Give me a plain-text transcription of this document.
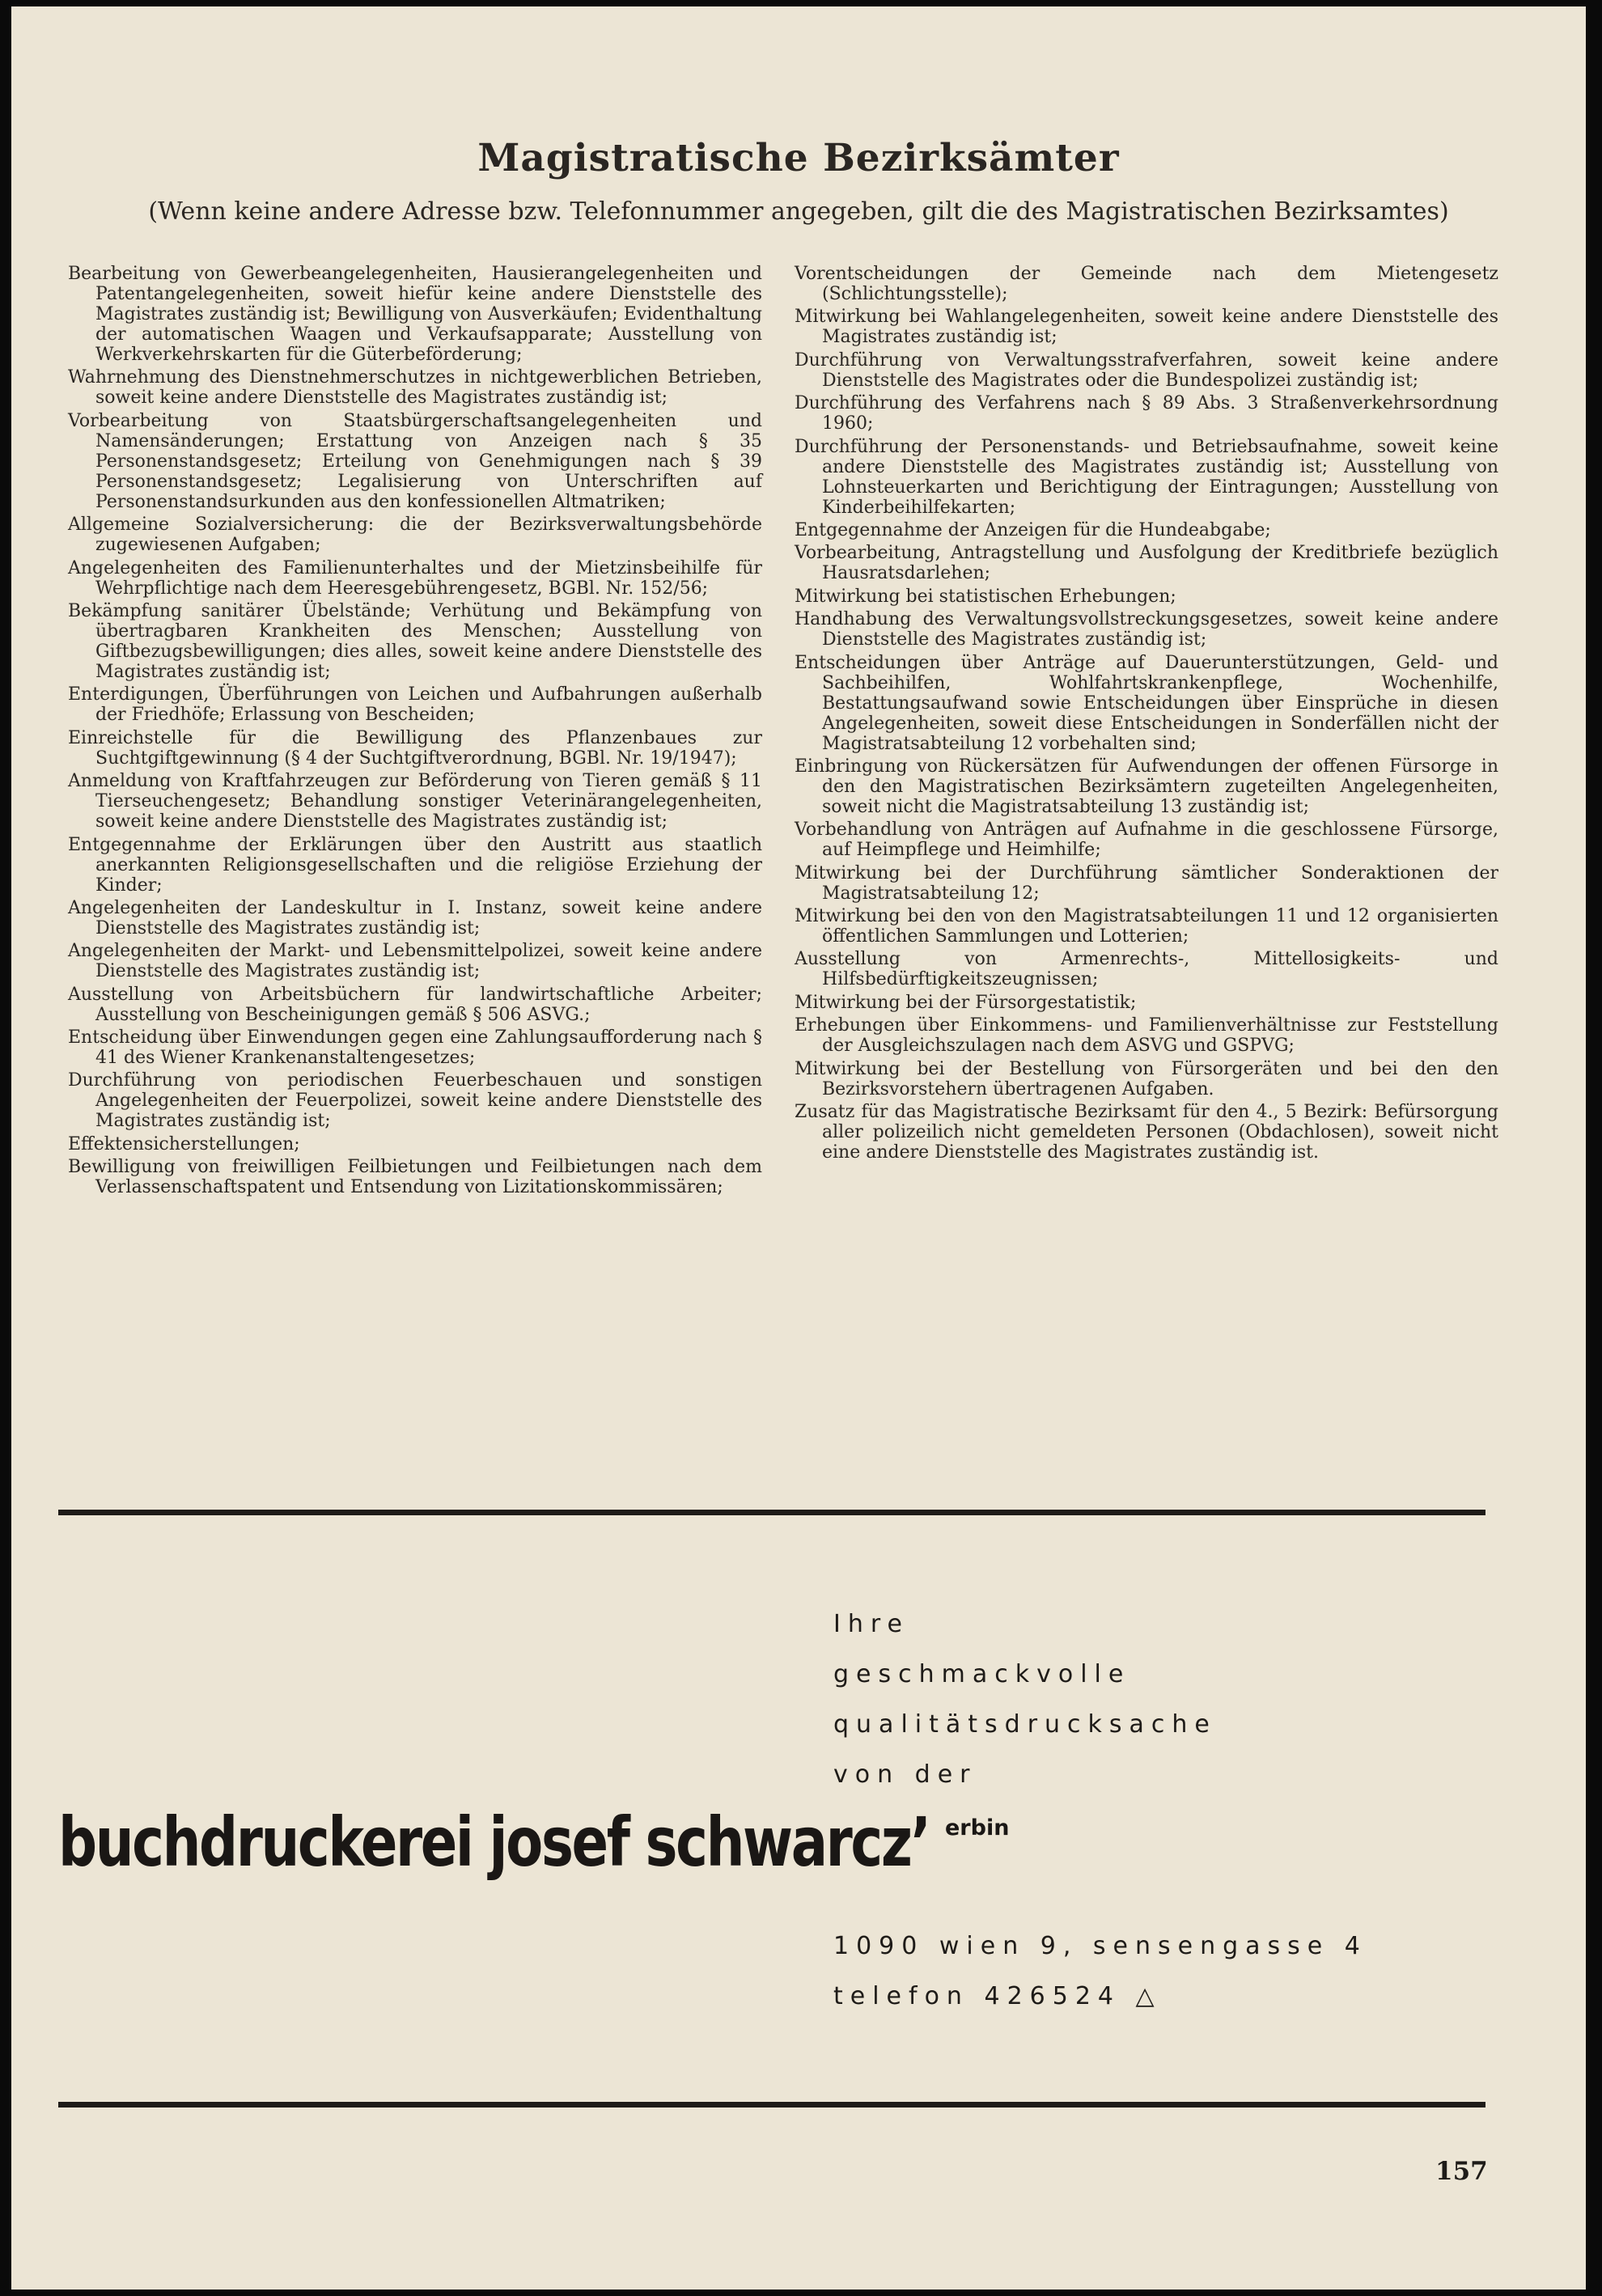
Magistratische Bezirksämter
(Wenn keine andere Adresse bzw. Telefonnummer angegeben, gilt die des Magistratischen Bezirksamtes)

Bearbeitung von Gewerbeangelegenheiten, Hausierangelegenheiten und Patentangelegenheiten, soweit hiefür keine andere Dienststelle des Magistrates zuständig ist; Bewilligung von Ausverkäufen; Evidenthaltung der automatischen Waagen und Verkaufsapparate; Ausstellung von Werkverkehrskarten für die Güterbeförderung;

Wahrnehmung des Dienstnehmerschutzes in nichtgewerblichen Betrieben, soweit keine andere Dienststelle des Magistrates zuständig ist;

Vorbearbeitung von Staatsbürgerschaftsangelegenheiten und Namensänderungen; Erstattung von Anzeigen nach § 35 Personenstandsgesetz; Erteilung von Genehmigungen nach § 39 Personenstandsgesetz; Legalisierung von Unterschriften auf Personenstandsurkunden aus den konfessionellen Altmatriken;

Allgemeine Sozialversicherung: die der Bezirksverwaltungsbehörde zugewiesenen Aufgaben;

Angelegenheiten des Familienunterhaltes und der Mietzinsbeihilfe für Wehrpflichtige nach dem Heeresgebührengesetz, BGBl. Nr. 152/56;

Bekämpfung sanitärer Übelstände; Verhütung und Bekämpfung von übertragbaren Krankheiten des Menschen; Ausstellung von Giftbezugsbewilligungen; dies alles, soweit keine andere Dienststelle des Magistrates zuständig ist;

Enterdigungen, Überführungen von Leichen und Aufbahrungen außerhalb der Friedhöfe; Erlassung von Bescheiden;

Einreichstelle für die Bewilligung des Pflanzenbaues zur Suchtgiftgewinnung (§ 4 der Suchtgiftverordnung, BGBl. Nr. 19/1947);

Anmeldung von Kraftfahrzeugen zur Beförderung von Tieren gemäß § 11 Tierseuchengesetz; Behandlung sonstiger Veterinärangelegenheiten, soweit keine andere Dienststelle des Magistrates zuständig ist;

Entgegennahme der Erklärungen über den Austritt aus staatlich anerkannten Religionsgesellschaften und die religiöse Erziehung der Kinder;

Angelegenheiten der Landeskultur in I. Instanz, soweit keine andere Dienststelle des Magistrates zuständig ist;

Angelegenheiten der Markt- und Lebensmittelpolizei, soweit keine andere Dienststelle des Magistrates zuständig ist;

Ausstellung von Arbeitsbüchern für landwirtschaftliche Arbeiter; Ausstellung von Bescheinigungen gemäß § 506 ASVG.;

Entscheidung über Einwendungen gegen eine Zahlungsaufforderung nach § 41 des Wiener Krankenanstaltengesetzes;

Durchführung von periodischen Feuerbeschauen und sonstigen Angelegenheiten der Feuerpolizei, soweit keine andere Dienststelle des Magistrates zuständig ist;

Effektensicherstellungen;

Bewilligung von freiwilligen Feilbietungen und Feilbietungen nach dem Verlassenschaftspatent und Entsendung von Lizitationskommissären;

Vorentscheidungen der Gemeinde nach dem Mietengesetz (Schlichtungsstelle);

Mitwirkung bei Wahlangelegenheiten, soweit keine andere Dienststelle des Magistrates zuständig ist;

Durchführung von Verwaltungsstrafverfahren, soweit keine andere Dienststelle des Magistrates oder die Bundespolizei zuständig ist;

Durchführung des Verfahrens nach § 89 Abs. 3 Straßenverkehrsordnung 1960;

Durchführung der Personenstands- und Betriebsaufnahme, soweit keine andere Dienststelle des Magistrates zuständig ist; Ausstellung von Lohnsteuerkarten und Berichtigung der Eintragungen; Ausstellung von Kinderbeihilfekarten;

Entgegennahme der Anzeigen für die Hundeabgabe;

Vorbearbeitung, Antragstellung und Ausfolgung der Kreditbriefe bezüglich Hausratsdarlehen;

Mitwirkung bei statistischen Erhebungen;

Handhabung des Verwaltungsvollstreckungsgesetzes, soweit keine andere Dienststelle des Magistrates zuständig ist;

Entscheidungen über Anträge auf Dauerunterstützungen, Geld- und Sachbeihilfen, Wohlfahrtskrankenpflege, Wochenhilfe, Bestattungsaufwand sowie Entscheidungen über Einsprüche in diesen Angelegenheiten, soweit diese Entscheidungen in Sonderfällen nicht der Magistratsabteilung 12 vorbehalten sind;

Einbringung von Rückersätzen für Aufwendungen der offenen Fürsorge in den den Magistratischen Bezirksämtern zugeteilten Angelegenheiten, soweit nicht die Magistratsabteilung 13 zuständig ist;

Vorbehandlung von Anträgen auf Aufnahme in die geschlossene Fürsorge, auf Heimpflege und Heimhilfe;

Mitwirkung bei der Durchführung sämtlicher Sonderaktionen der Magistratsabteilung 12;

Mitwirkung bei den von den Magistratsabteilungen 11 und 12 organisierten öffentlichen Sammlungen und Lotterien;

Ausstellung von Armenrechts-, Mittellosigkeits- und Hilfsbedürftigkeitszeugnissen;

Mitwirkung bei der Fürsorgestatistik;

Erhebungen über Einkommens- und Familienverhältnisse zur Feststellung der Ausgleichszulagen nach dem ASVG und GSPVG;

Mitwirkung bei der Bestellung von Fürsorgeräten und bei den den Bezirksvorstehern übertragenen Aufgaben.

Zusatz für das Magistratische Bezirksamt für den 4., 5 Bezirk: Befürsorgung aller polizeilich nicht gemeldeten Personen (Obdachlosen), soweit nicht eine andere Dienststelle des Magistrates zuständig ist.

Ihre
geschmackvolle
qualitätsdrucksache
von der
buchdruckerei josef schwarcz’ erbin
1090 wien 9, sensengasse 4
telefon 426524 △
157
